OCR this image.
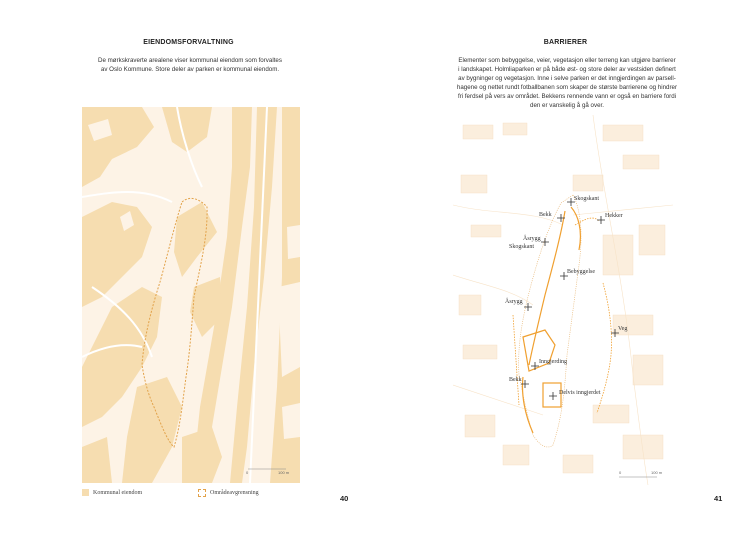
EIENDOMSFORVALTNING
De mørkskraverte arealene viser kommunal eiendom som forvaltes
av Oslo Kommune. Store deler av parken er kommunal eiendom.
0	100 m
Kommunal eiendom	Områdeavgrensning
40
BARRIERER
Elementer som bebyggelse, veier, vegetasjon eller terreng kan utgjøre barrierer
i landskapet. Holmliaparken er på både øst- og store deler av vestsiden definert
av bygninger og vegetasjon. Inne i selve parken er det inngjerdingen av parsell-
hagene og nettet rundt fotballbanen som skaper de største barrierene og hindrer
fri ferdsel på vers av området. Bekkens rennende vann er også en barriere fordi
den er vanskelig å gå over.
Skogskant
Bekk	Hekker
Åsrygg
Skogskant
Bebyggelse
Åsrygg
Veg
Inngjerding
Bekk
Delvis inngjerdet
0	100 m
41
